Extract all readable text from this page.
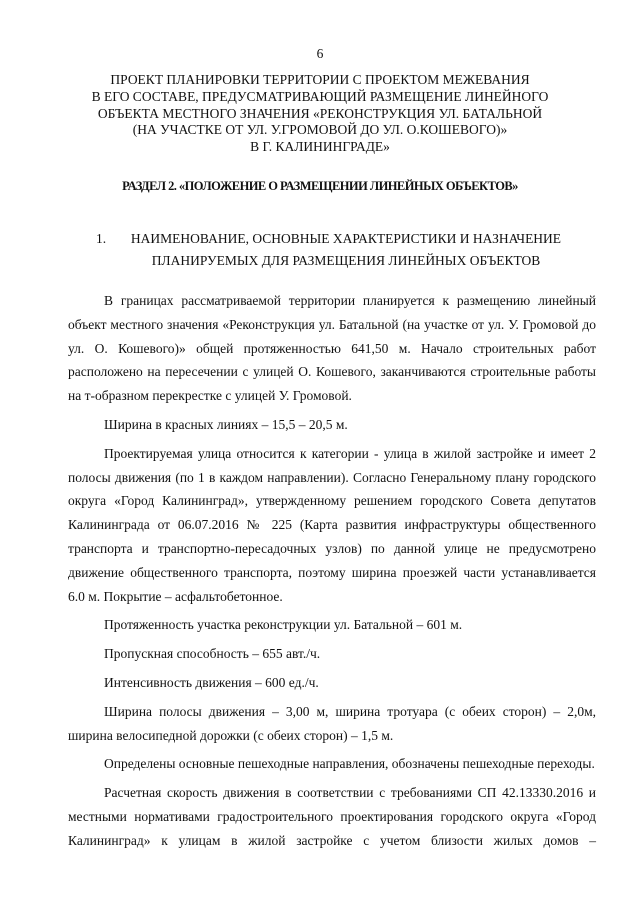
6
ПРОЕКТ ПЛАНИРОВКИ ТЕРРИТОРИИ С ПРОЕКТОМ МЕЖЕВАНИЯ
В ЕГО СОСТАВЕ, ПРЕДУСМАТРИВАЮЩИЙ РАЗМЕЩЕНИЕ ЛИНЕЙНОГО
ОБЪЕКТА МЕСТНОГО ЗНАЧЕНИЯ «РЕКОНСТРУКЦИЯ УЛ. БАТАЛЬНОЙ
(НА УЧАСТКЕ ОТ УЛ. У.ГРОМОВОЙ ДО УЛ. О.КОШЕВОГО)»
В Г. КАЛИНИНГРАДЕ»
РАЗДЕЛ 2. «ПОЛОЖЕНИЕ О РАЗМЕЩЕНИИ ЛИНЕЙНЫХ ОБЪЕКТОВ»
1.	НАИМЕНОВАНИЕ, ОСНОВНЫЕ ХАРАКТЕРИСТИКИ И НАЗНАЧЕНИЕ ПЛАНИРУЕМЫХ ДЛЯ РАЗМЕЩЕНИЯ ЛИНЕЙНЫХ ОБЪЕКТОВ

В границах рассматриваемой территории планируется к размещению линейный объект местного значения «Реконструкция ул. Батальной (на участке от ул. У. Громовой до ул. О. Кошевого)» общей протяженностью 641,50 м. Начало строительных работ расположено на пересечении с улицей О. Кошевого, заканчиваются строительные работы на т-образном перекрестке с улицей У. Громовой.

Ширина в красных линиях – 15,5 – 20,5 м.

Проектируемая улица относится к категории - улица в жилой застройке и имеет 2 полосы движения (по 1 в каждом направлении). Согласно Генеральному плану городского округа «Город Калининград», утвержденному решением городского Совета депутатов Калининграда от 06.07.2016 № 225 (Карта развития инфраструктуры общественного транспорта и транспортно-пересадочных узлов) по данной улице не предусмотрено движение общественного транспорта, поэтому ширина проезжей части устанавливается 6.0 м. Покрытие – асфальтобетонное.

Протяженность участка реконструкции ул. Батальной – 601 м.

Пропускная способность – 655 авт./ч.

Интенсивность движения – 600 ед./ч.

Ширина полосы движения – 3,00 м, ширина тротуара (с обеих сторон) – 2,0м, ширина велосипедной дорожки (с обеих сторон) – 1,5 м.

Определены основные пешеходные направления, обозначены пешеходные переходы.

Расчетная скорость движения в соответствии с требованиями СП 42.13330.2016 и местными нормативами градостроительного проектирования городского округа «Город Калининград» к улицам в жилой застройке с учетом близости жилых домов –
